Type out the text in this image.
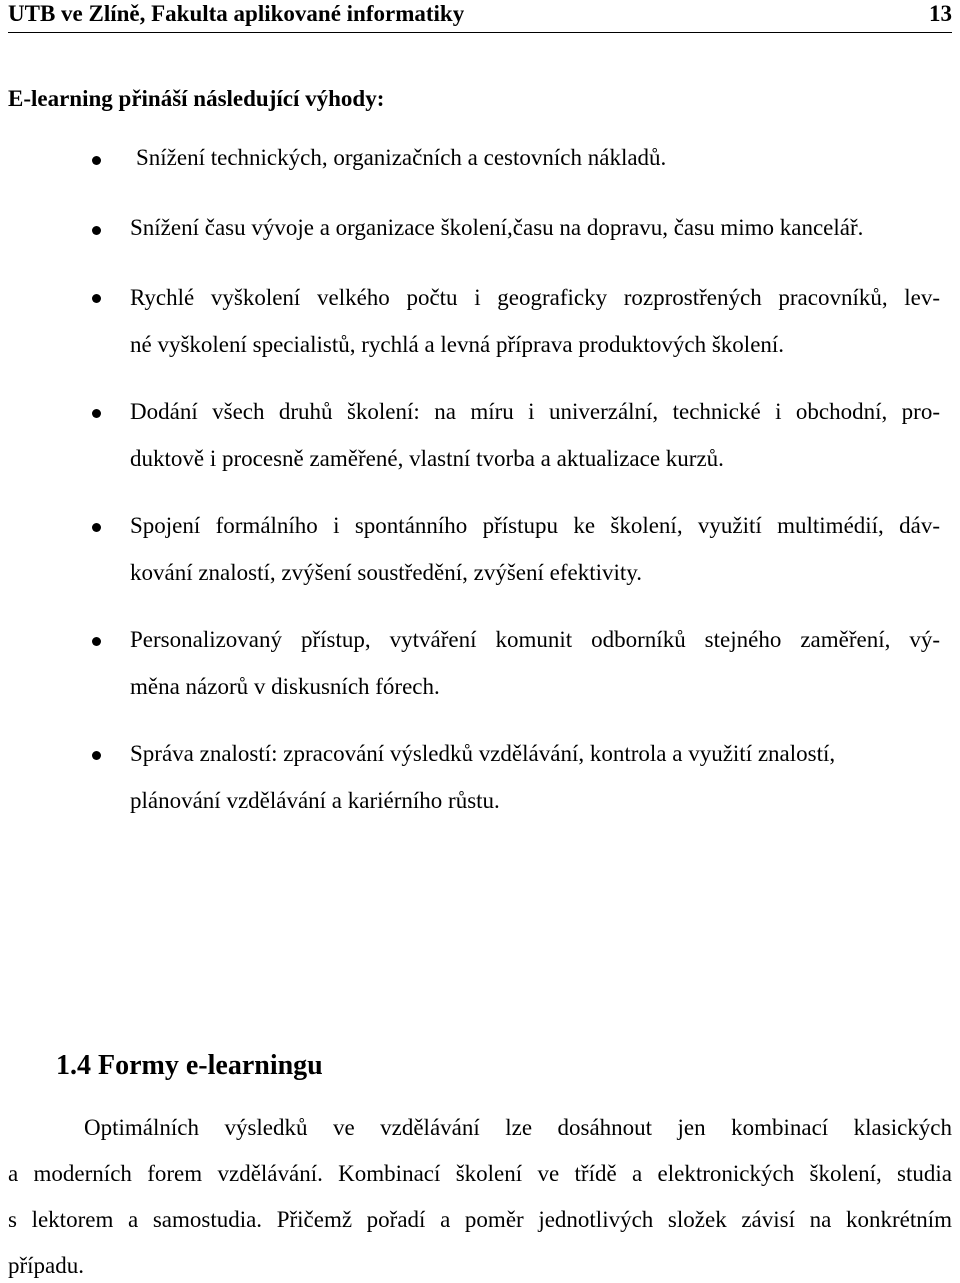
UTB ve Zlíně, Fakulta aplikované informatiky	13
E-learning přináší následující výhody:
Snížení technických, organizačních a cestovních nákladů.
Snížení času vývoje a organizace školení,času na dopravu, času mimo kancelář.
Rychlé vyškolení velkého počtu i geograficky rozprostřených pracovníků, lev-
né vyškolení specialistů, rychlá a levná příprava produktových školení.
Dodání všech druhů školení: na míru i univerzální, technické i obchodní, pro-
duktově i procesně zaměřené, vlastní tvorba a aktualizace kurzů.
Spojení formálního i spontánního přístupu ke školení, využití multimédií, dáv-
kování znalostí, zvýšení soustředění, zvýšení efektivity.
Personalizovaný přístup, vytváření komunit odborníků stejného zaměření, vý-
měna názorů v diskusních fórech.
Správa znalostí: zpracování výsledků vzdělávání, kontrola a využití znalostí,
plánování vzdělávání a kariérního růstu.
1.4 Formy e-learningu
Optimálních výsledků ve vzdělávání lze dosáhnout jen kombinací klasických
a moderních forem vzdělávání. Kombinací školení ve třídě a elektronických školení, studia
s lektorem a samostudia. Přičemž pořadí a poměr jednotlivých složek závisí na konkrétním
případu.
